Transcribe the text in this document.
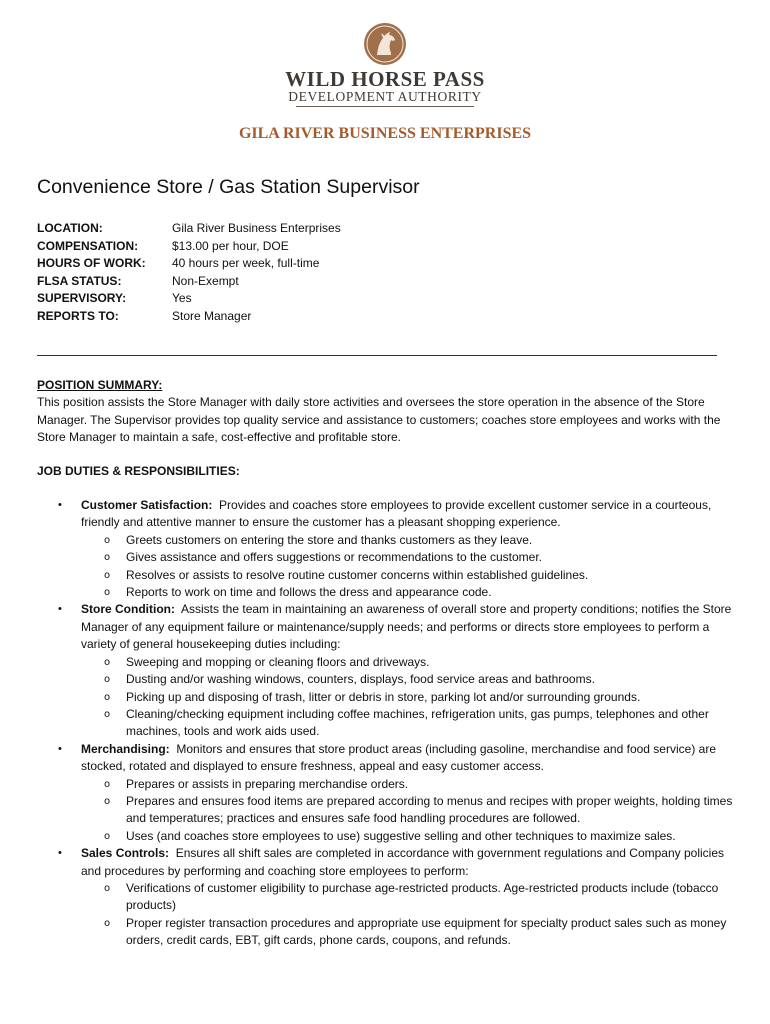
WILD HORSE PASS
DEVELOPMENT AUTHORITY
GILA RIVER BUSINESS ENTERPRISES
Convenience Store / Gas Station Supervisor
LOCATION:	Gila River Business Enterprises
COMPENSATION:	$13.00 per hour, DOE
HOURS OF WORK:	40 hours per week, full-time
FLSA STATUS:	Non-Exempt
SUPERVISORY:	Yes
REPORTS TO:	Store Manager
POSITION SUMMARY:

This position assists the Store Manager with daily store activities and oversees the store operation in the absence of the Store Manager. The Supervisor provides top quality service and assistance to customers; coaches store employees and works with the Store Manager to maintain a safe, cost-effective and profitable store.

JOB DUTIES & RESPONSIBILITIES:
• Customer Satisfaction: Provides and coaches store employees to provide excellent customer service in a courteous, friendly and attentive manner to ensure the customer has a pleasant shopping experience.
o Greets customers on entering the store and thanks customers as they leave.
o Gives assistance and offers suggestions or recommendations to the customer.
o Resolves or assists to resolve routine customer concerns within established guidelines.
o Reports to work on time and follows the dress and appearance code.
• Store Condition: Assists the team in maintaining an awareness of overall store and property conditions; notifies the Store Manager of any equipment failure or maintenance/supply needs; and performs or directs store employees to perform a variety of general housekeeping duties including:
o Sweeping and mopping or cleaning floors and driveways.
o Dusting and/or washing windows, counters, displays, food service areas and bathrooms.
o Picking up and disposing of trash, litter or debris in store, parking lot and/or surrounding grounds.
o Cleaning/checking equipment including coffee machines, refrigeration units, gas pumps, telephones and other machines, tools and work aids used.
• Merchandising: Monitors and ensures that store product areas (including gasoline, merchandise and food service) are stocked, rotated and displayed to ensure freshness, appeal and easy customer access.
o Prepares or assists in preparing merchandise orders.
o Prepares and ensures food items are prepared according to menus and recipes with proper weights, holding times and temperatures; practices and ensures safe food handling procedures are followed.
o Uses (and coaches store employees to use) suggestive selling and other techniques to maximize sales.
• Sales Controls: Ensures all shift sales are completed in accordance with government regulations and Company policies and procedures by performing and coaching store employees to perform:
o Verifications of customer eligibility to purchase age-restricted products. Age-restricted products include (tobacco products)
o Proper register transaction procedures and appropriate use equipment for specialty product sales such as money orders, credit cards, EBT, gift cards, phone cards, coupons, and refunds.
